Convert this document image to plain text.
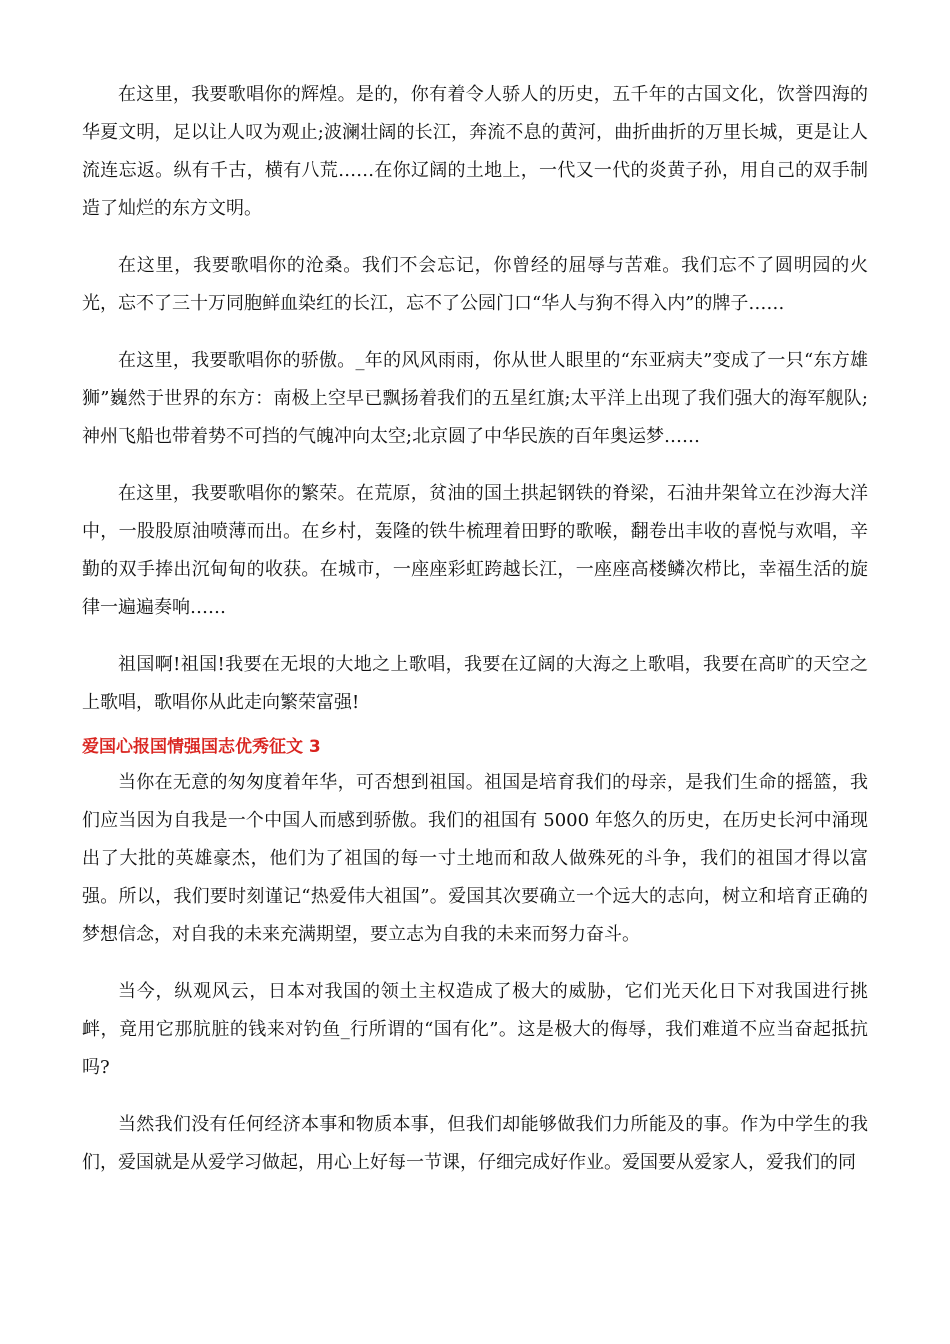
在这里，我要歌唱你的辉煌。是的，你有着令人骄人的历史，五千年的古国文化，饮誉四海的华夏文明，足以让人叹为观止;波澜壮阔的长江，奔流不息的黄河，曲折曲折的万里长城，更是让人流连忘返。纵有千古，横有八荒……在你辽阔的土地上，一代又一代的炎黄子孙，用自己的双手制造了灿烂的东方文明。

在这里，我要歌唱你的沧桑。我们不会忘记，你曾经的屈辱与苦难。我们忘不了圆明园的火光，忘不了三十万同胞鲜血染红的长江，忘不了公园门口“华人与狗不得入内”的牌子……

在这里，我要歌唱你的骄傲。_年的风风雨雨，你从世人眼里的“东亚病夫”变成了一只“东方雄狮”巍然于世界的东方：南极上空早已飘扬着我们的五星红旗;太平洋上出现了我们强大的海军舰队;神州飞船也带着势不可挡的气魄冲向太空;北京圆了中华民族的百年奥运梦……

在这里，我要歌唱你的繁荣。在荒原，贫油的国土拱起钢铁的脊梁，石油井架耸立在沙海大洋中，一股股原油喷薄而出。在乡村，轰隆的铁牛梳理着田野的歌喉，翻卷出丰收的喜悦与欢唱，辛勤的双手捧出沉甸甸的收获。在城市，一座座彩虹跨越长江，一座座高楼鳞次栉比，幸福生活的旋律一遍遍奏响……

祖国啊!祖国!我要在无垠的大地之上歌唱，我要在辽阔的大海之上歌唱，我要在高旷的天空之上歌唱，歌唱你从此走向繁荣富强!

爱国心报国情强国志优秀征文 3

当你在无意的匆匆度着年华，可否想到祖国。祖国是培育我们的母亲，是我们生命的摇篮，我们应当因为自我是一个中国人而感到骄傲。我们的祖国有 5000 年悠久的历史，在历史长河中涌现出了大批的英雄豪杰，他们为了祖国的每一寸土地而和敌人做殊死的斗争，我们的祖国才得以富强。所以，我们要时刻谨记“热爱伟大祖国”。爱国其次要确立一个远大的志向，树立和培育正确的梦想信念，对自我的未来充满期望，要立志为自我的未来而努力奋斗。

当今，纵观风云，日本对我国的领土主权造成了极大的威胁，它们光天化日下对我国进行挑衅，竟用它那肮脏的钱来对钓鱼_行所谓的“国有化”。这是极大的侮辱，我们难道不应当奋起抵抗吗?

当然我们没有任何经济本事和物质本事，但我们却能够做我们力所能及的事。作为中学生的我们，爱国就是从爱学习做起，用心上好每一节课，仔细完成好作业。爱国要从爱家人，爱我们的同
